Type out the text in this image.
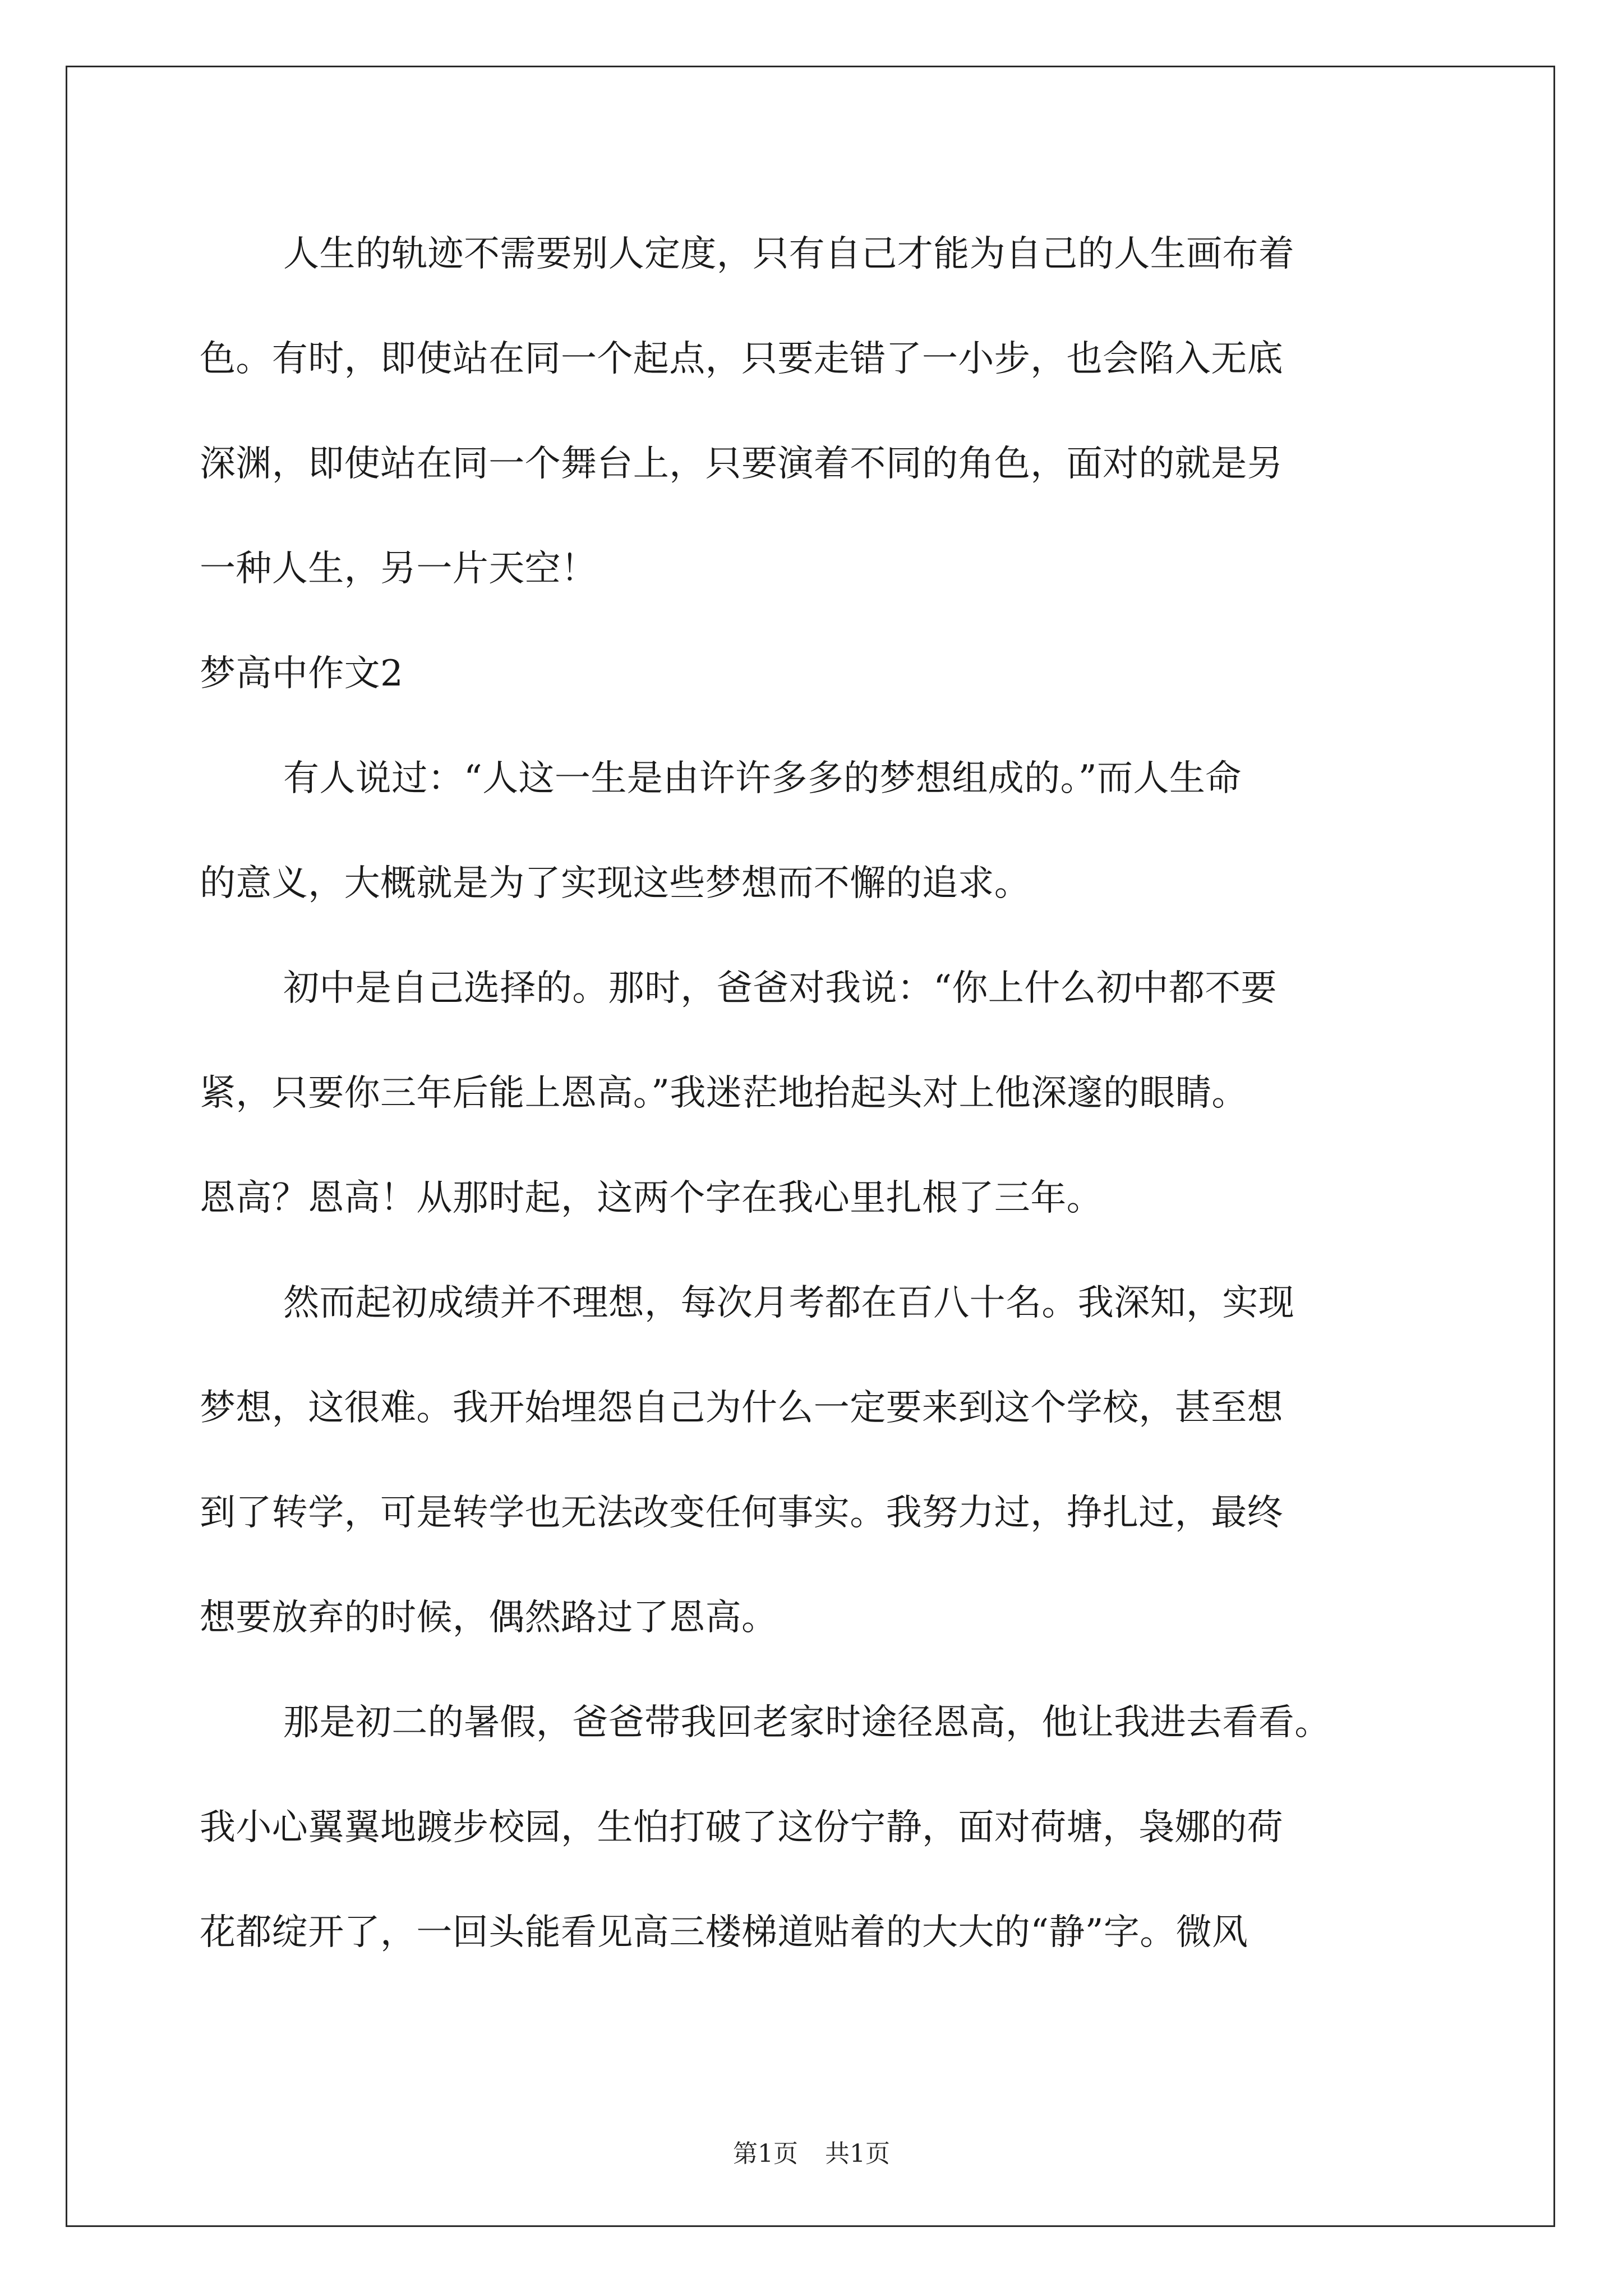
人生的轨迹不需要别人定度，只有自己才能为自己的人生画布着
色。有时，即使站在同一个起点，只要走错了一小步，也会陷入无底
深渊，即使站在同一个舞台上，只要演着不同的角色，面对的就是另
一种人生，另一片天空！
梦高中作文2
有人说过：“人这一生是由许许多多的梦想组成的。”而人生命
的意义，大概就是为了实现这些梦想而不懈的追求。
初中是自己选择的。那时，爸爸对我说：“你上什么初中都不要
紧，只要你三年后能上恩高。”我迷茫地抬起头对上他深邃的眼睛。
恩高？恩高！从那时起，这两个字在我心里扎根了三年。
然而起初成绩并不理想，每次月考都在百八十名。我深知，实现
梦想，这很难。我开始埋怨自己为什么一定要来到这个学校，甚至想
到了转学，可是转学也无法改变任何事实。我努力过，挣扎过，最终
想要放弃的时候，偶然路过了恩高。
那是初二的暑假，爸爸带我回老家时途径恩高，他让我进去看看。
我小心翼翼地踱步校园，生怕打破了这份宁静，面对荷塘，袅娜的荷
花都绽开了，一回头能看见高三楼梯道贴着的大大的“静”字。微风
第1页 共1页
